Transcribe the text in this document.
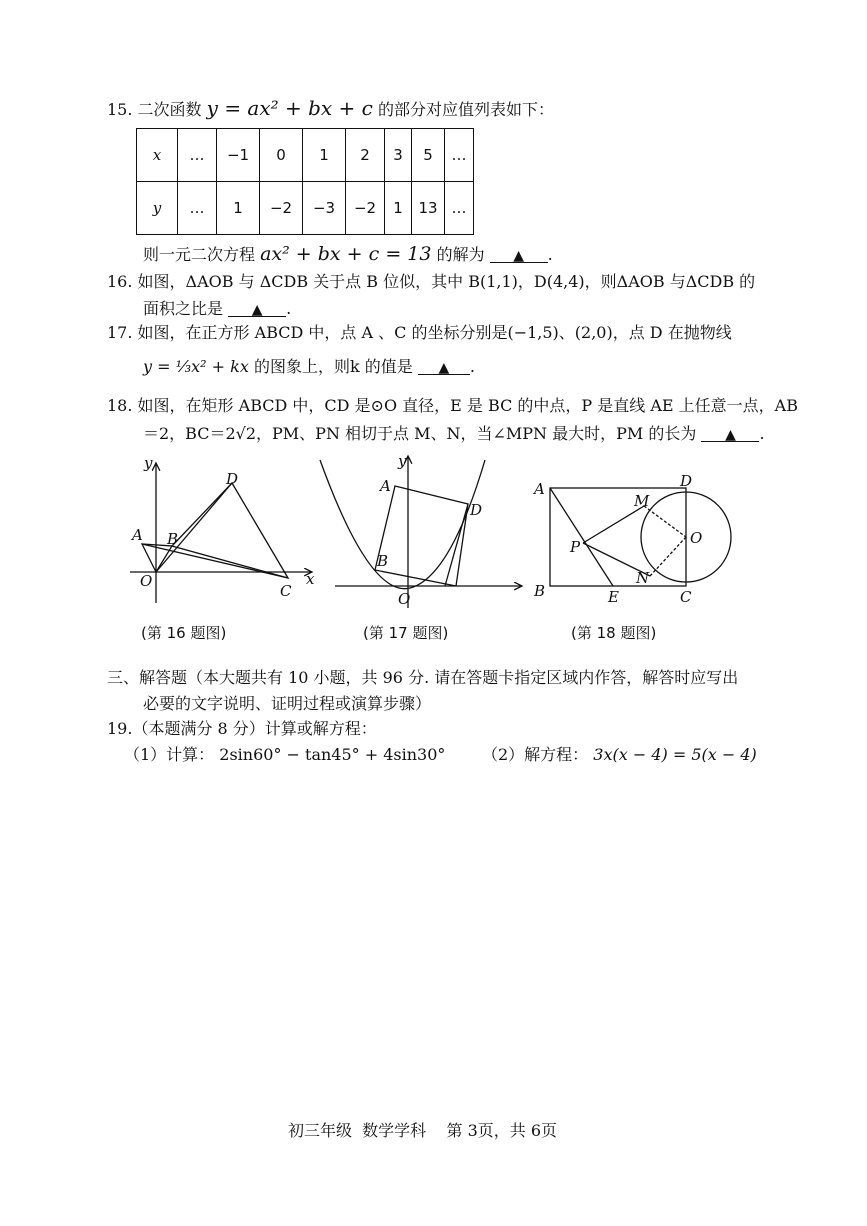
15. 二次函数 y = ax² + bx + c 的部分对应值列表如下：
x	…	−1	0	1	2	3	5	…
y	…	1	−2	−3	−2	1	13	…
则一元二次方程 ax² + bx + c = 13 的解为 ▲ .
16. 如图，ΔAOB 与 ΔCDB 关于点 B 位似，其中 B(1,1)，D(4,4)，则ΔAOB 与ΔCDB 的
面积之比是 ▲ .
17. 如图，在正方形 ABCD 中，点 A 、C 的坐标分别是(−1,5)、(2,0)，点 D 在抛物线
y = ⅓x² + kx 的图象上，则k 的值是 ▲ .
18. 如图，在矩形 ABCD 中，CD 是⊙O 直径，E 是 BC 的中点，P 是直线 AE 上任意一点，AB
＝2，BC＝2√2，PM、PN 相切于点 M、N，当∠MPN 最大时，PM 的长为 ▲ .
y
x
O
A B
C
D
y
O
A
B
D
A
B	C
D
E
M
N
O
P
(第 16 题图)	(第 17 题图)	(第 18 题图)
三、解答题（本大题共有 10 小题，共 96 分. 请在答题卡指定区域内作答，解答时应写出
必要的文字说明、证明过程或演算步骤）
19.（本题满分 8 分）计算或解方程：
（1）计算： 2sin60° − tan45° + 4sin30° （2）解方程： 3x(x − 4) = 5(x − 4)
初三年级  数学学科    第 3页，共 6页
